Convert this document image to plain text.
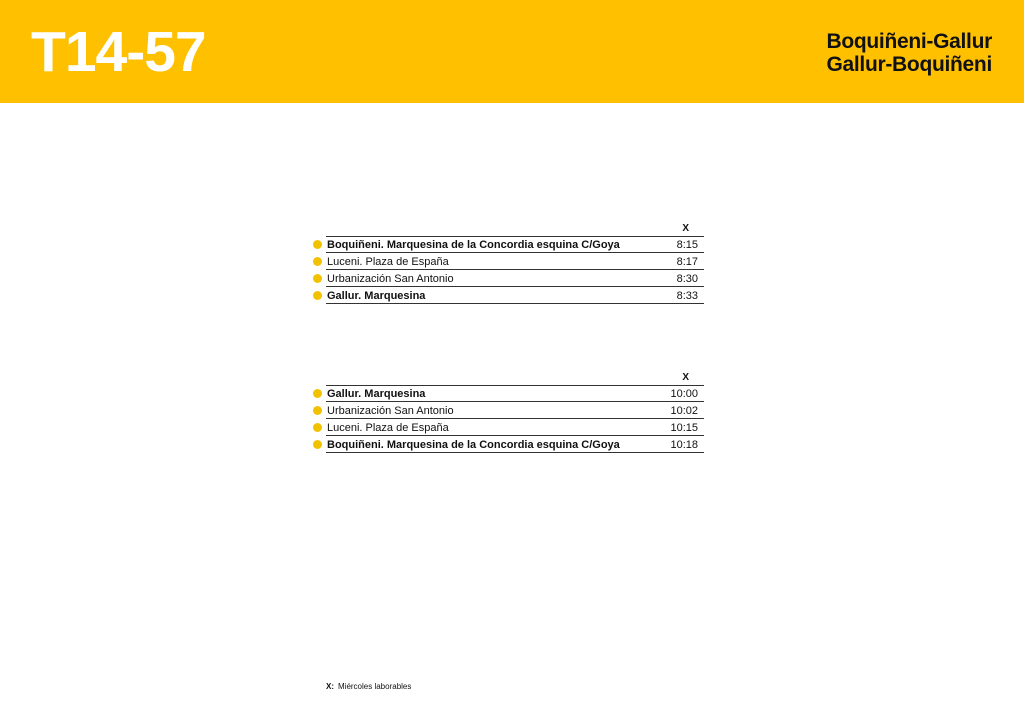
T14-57	Boquiñeni-Gallur
Gallur-Boquiñeni
X
Boquiñeni. Marquesina de la Concordia esquina C/Goya	8:15
Luceni. Plaza de España	8:17
Urbanización San Antonio	8:30
Gallur. Marquesina	8:33
X
Gallur. Marquesina	10:00
Urbanización San Antonio	10:02
Luceni. Plaza de España	10:15
Boquiñeni. Marquesina de la Concordia esquina C/Goya	10:18
X: Miércoles laborables
